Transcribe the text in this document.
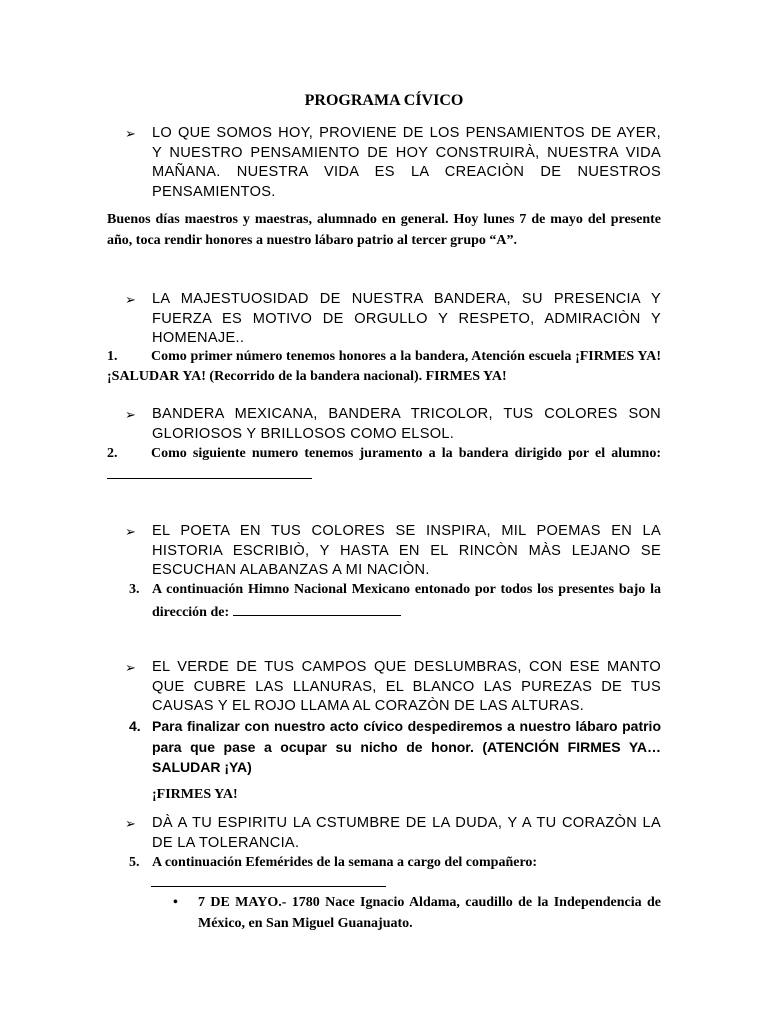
PROGRAMA CÍVICO
➢ LO QUE SOMOS HOY, PROVIENE DE LOS PENSAMIENTOS DE AYER, Y NUESTRO PENSAMIENTO DE HOY CONSTRUIRÀ, NUESTRA VIDA MAÑANA. NUESTRA VIDA ES LA CREACIÒN DE NUESTROS PENSAMIENTOS.
Buenos días maestros y maestras, alumnado en general. Hoy lunes 7 de mayo del presente año, toca rendir honores a nuestro lábaro patrio al tercer grupo “A”.
➢ LA MAJESTUOSIDAD DE NUESTRA BANDERA, SU PRESENCIA Y FUERZA ES MOTIVO DE ORGULLO Y RESPETO, ADMIRACIÒN Y HOMENAJE..
1. Como primer número tenemos honores a la bandera, Atención escuela ¡FIRMES YA! ¡SALUDAR YA! (Recorrido de la bandera nacional). FIRMES YA!
➢ BANDERA MEXICANA, BANDERA TRICOLOR, TUS COLORES SON GLORIOSOS Y BRILLOSOS COMO ELSOL.
2. Como siguiente numero tenemos juramento a la bandera dirigido por el alumno:
➢ EL POETA EN TUS COLORES SE INSPIRA, MIL POEMAS EN LA HISTORIA ESCRIBIÒ, Y HASTA EN EL RINCÒN MÀS LEJANO SE ESCUCHAN ALABANZAS A MI NACIÒN.
3. A continuación Himno Nacional Mexicano entonado por todos los presentes bajo la dirección de:
➢ EL VERDE DE TUS CAMPOS QUE DESLUMBRAS, CON ESE MANTO QUE CUBRE LAS LLANURAS, EL BLANCO LAS PUREZAS DE TUS CAUSAS Y EL ROJO LLAMA AL CORAZÒN DE LAS ALTURAS.
4. Para finalizar con nuestro acto cívico despediremos a nuestro lábaro patrio para que pase a ocupar su nicho de honor. (ATENCIÓN FIRMES YA… SALUDAR ¡YA)
¡FIRMES YA!
➢ DÀ A TU ESPIRITU LA CSTUMBRE DE LA DUDA, Y A TU CORAZÒN LA DE LA TOLERANCIA.
5. A continuación Efemérides de la semana a cargo del compañero:
• 7 DE MAYO.- 1780 Nace Ignacio Aldama, caudillo de la Independencia de México, en San Miguel Guanajuato.
